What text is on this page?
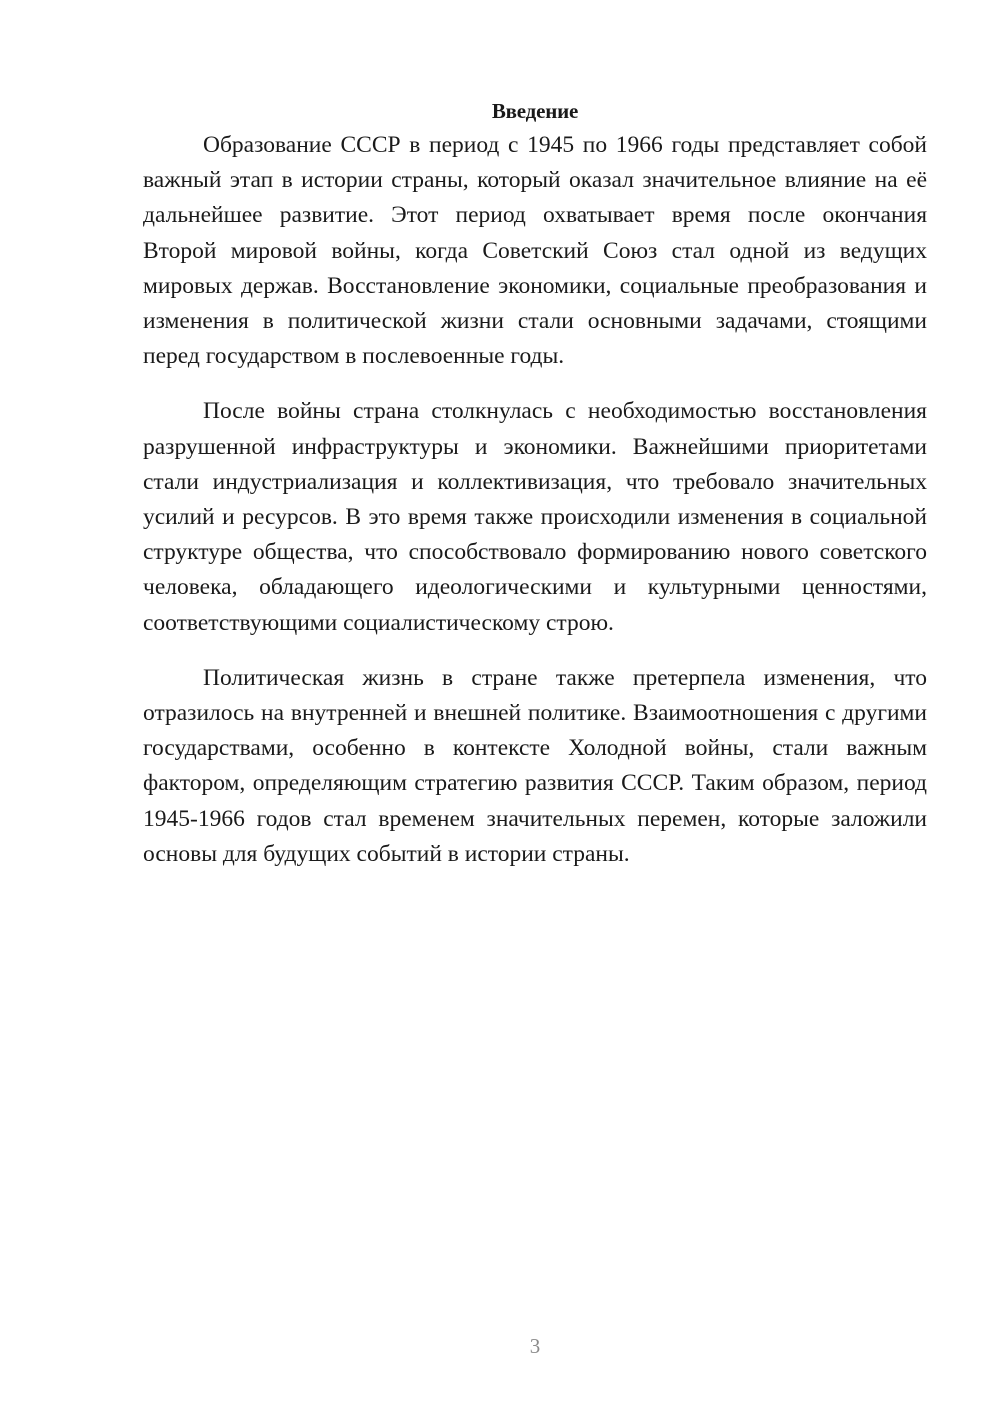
Введение

Образование СССР в период с 1945 по 1966 годы представляет собой важный этап в истории страны, который оказал значительное влияние на её дальнейшее развитие. Этот период охватывает время после окончания Второй мировой войны, когда Советский Союз стал одной из ведущих мировых держав. Восстановление экономики, социальные преобразования и изменения в политической жизни стали основными задачами, стоящими перед государством в послевоенные годы.

После войны страна столкнулась с необходимостью восстановления разрушенной инфраструктуры и экономики. Важнейшими приоритетами стали индустриализация и коллективизация, что требовало значительных усилий и ресурсов. В это время также происходили изменения в социальной структуре общества, что способствовало формированию нового советского человека, обладающего идеологическими и культурными ценностями, соответствующими социалистическому строю.

Политическая жизнь в стране также претерпела изменения, что отразилось на внутренней и внешней политике. Взаимоотношения с другими государствами, особенно в контексте Холодной войны, стали важным фактором, определяющим стратегию развития СССР. Таким образом, период 1945-1966 годов стал временем значительных перемен, которые заложили основы для будущих событий в истории страны.

3
